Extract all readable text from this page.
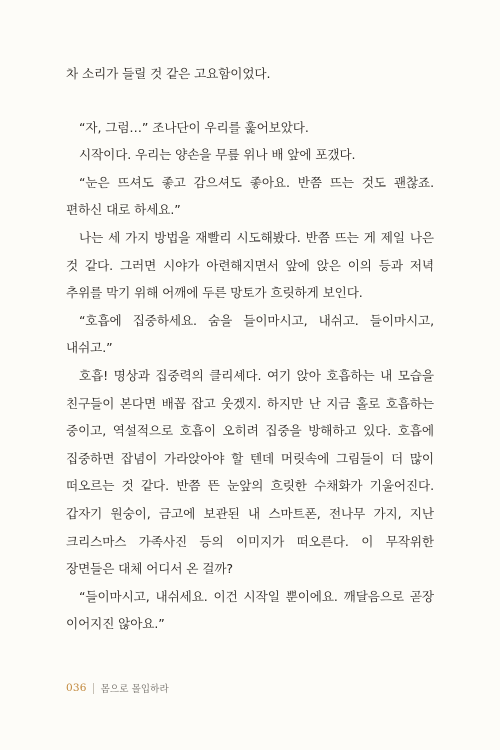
차 소리가 들릴 것 같은 고요함이었다.

“자, 그럼…” 조나단이 우리를 훑어보았다.

시작이다. 우리는 양손을 무릎 위나 배 앞에 포갰다.

“눈은 뜨셔도 좋고 감으셔도 좋아요. 반쯤 뜨는 것도 괜찮죠. 편하신 대로 하세요.”

나는 세 가지 방법을 재빨리 시도해봤다. 반쯤 뜨는 게 제일 나은 것 같다. 그러면 시야가 아련해지면서 앞에 앉은 이의 등과 저녁 추위를 막기 위해 어깨에 두른 망토가 흐릿하게 보인다.

“호흡에 집중하세요. 숨을 들이마시고, 내쉬고. 들이마시고, 내쉬고.”

호흡! 명상과 집중력의 클리셰다. 여기 앉아 호흡하는 내 모습을 친구들이 본다면 배꼽 잡고 웃겠지. 하지만 난 지금 홀로 호흡하는 중이고, 역설적으로 호흡이 오히려 집중을 방해하고 있다. 호흡에 집중하면 잡념이 가라앉아야 할 텐데 머릿속에 그림들이 더 많이 떠오르는 것 같다. 반쯤 뜬 눈앞의 흐릿한 수채화가 기울어진다. 갑자기 원숭이, 금고에 보관된 내 스마트폰, 전나무 가지, 지난 크리스마스 가족사진 등의 이미지가 떠오른다. 이 무작위한 장면들은 대체 어디서 온 걸까?

“들이마시고, 내쉬세요. 이건 시작일 뿐이에요. 깨달음으로 곧장 이어지진 않아요.”

036 몸으로 몰입하라
